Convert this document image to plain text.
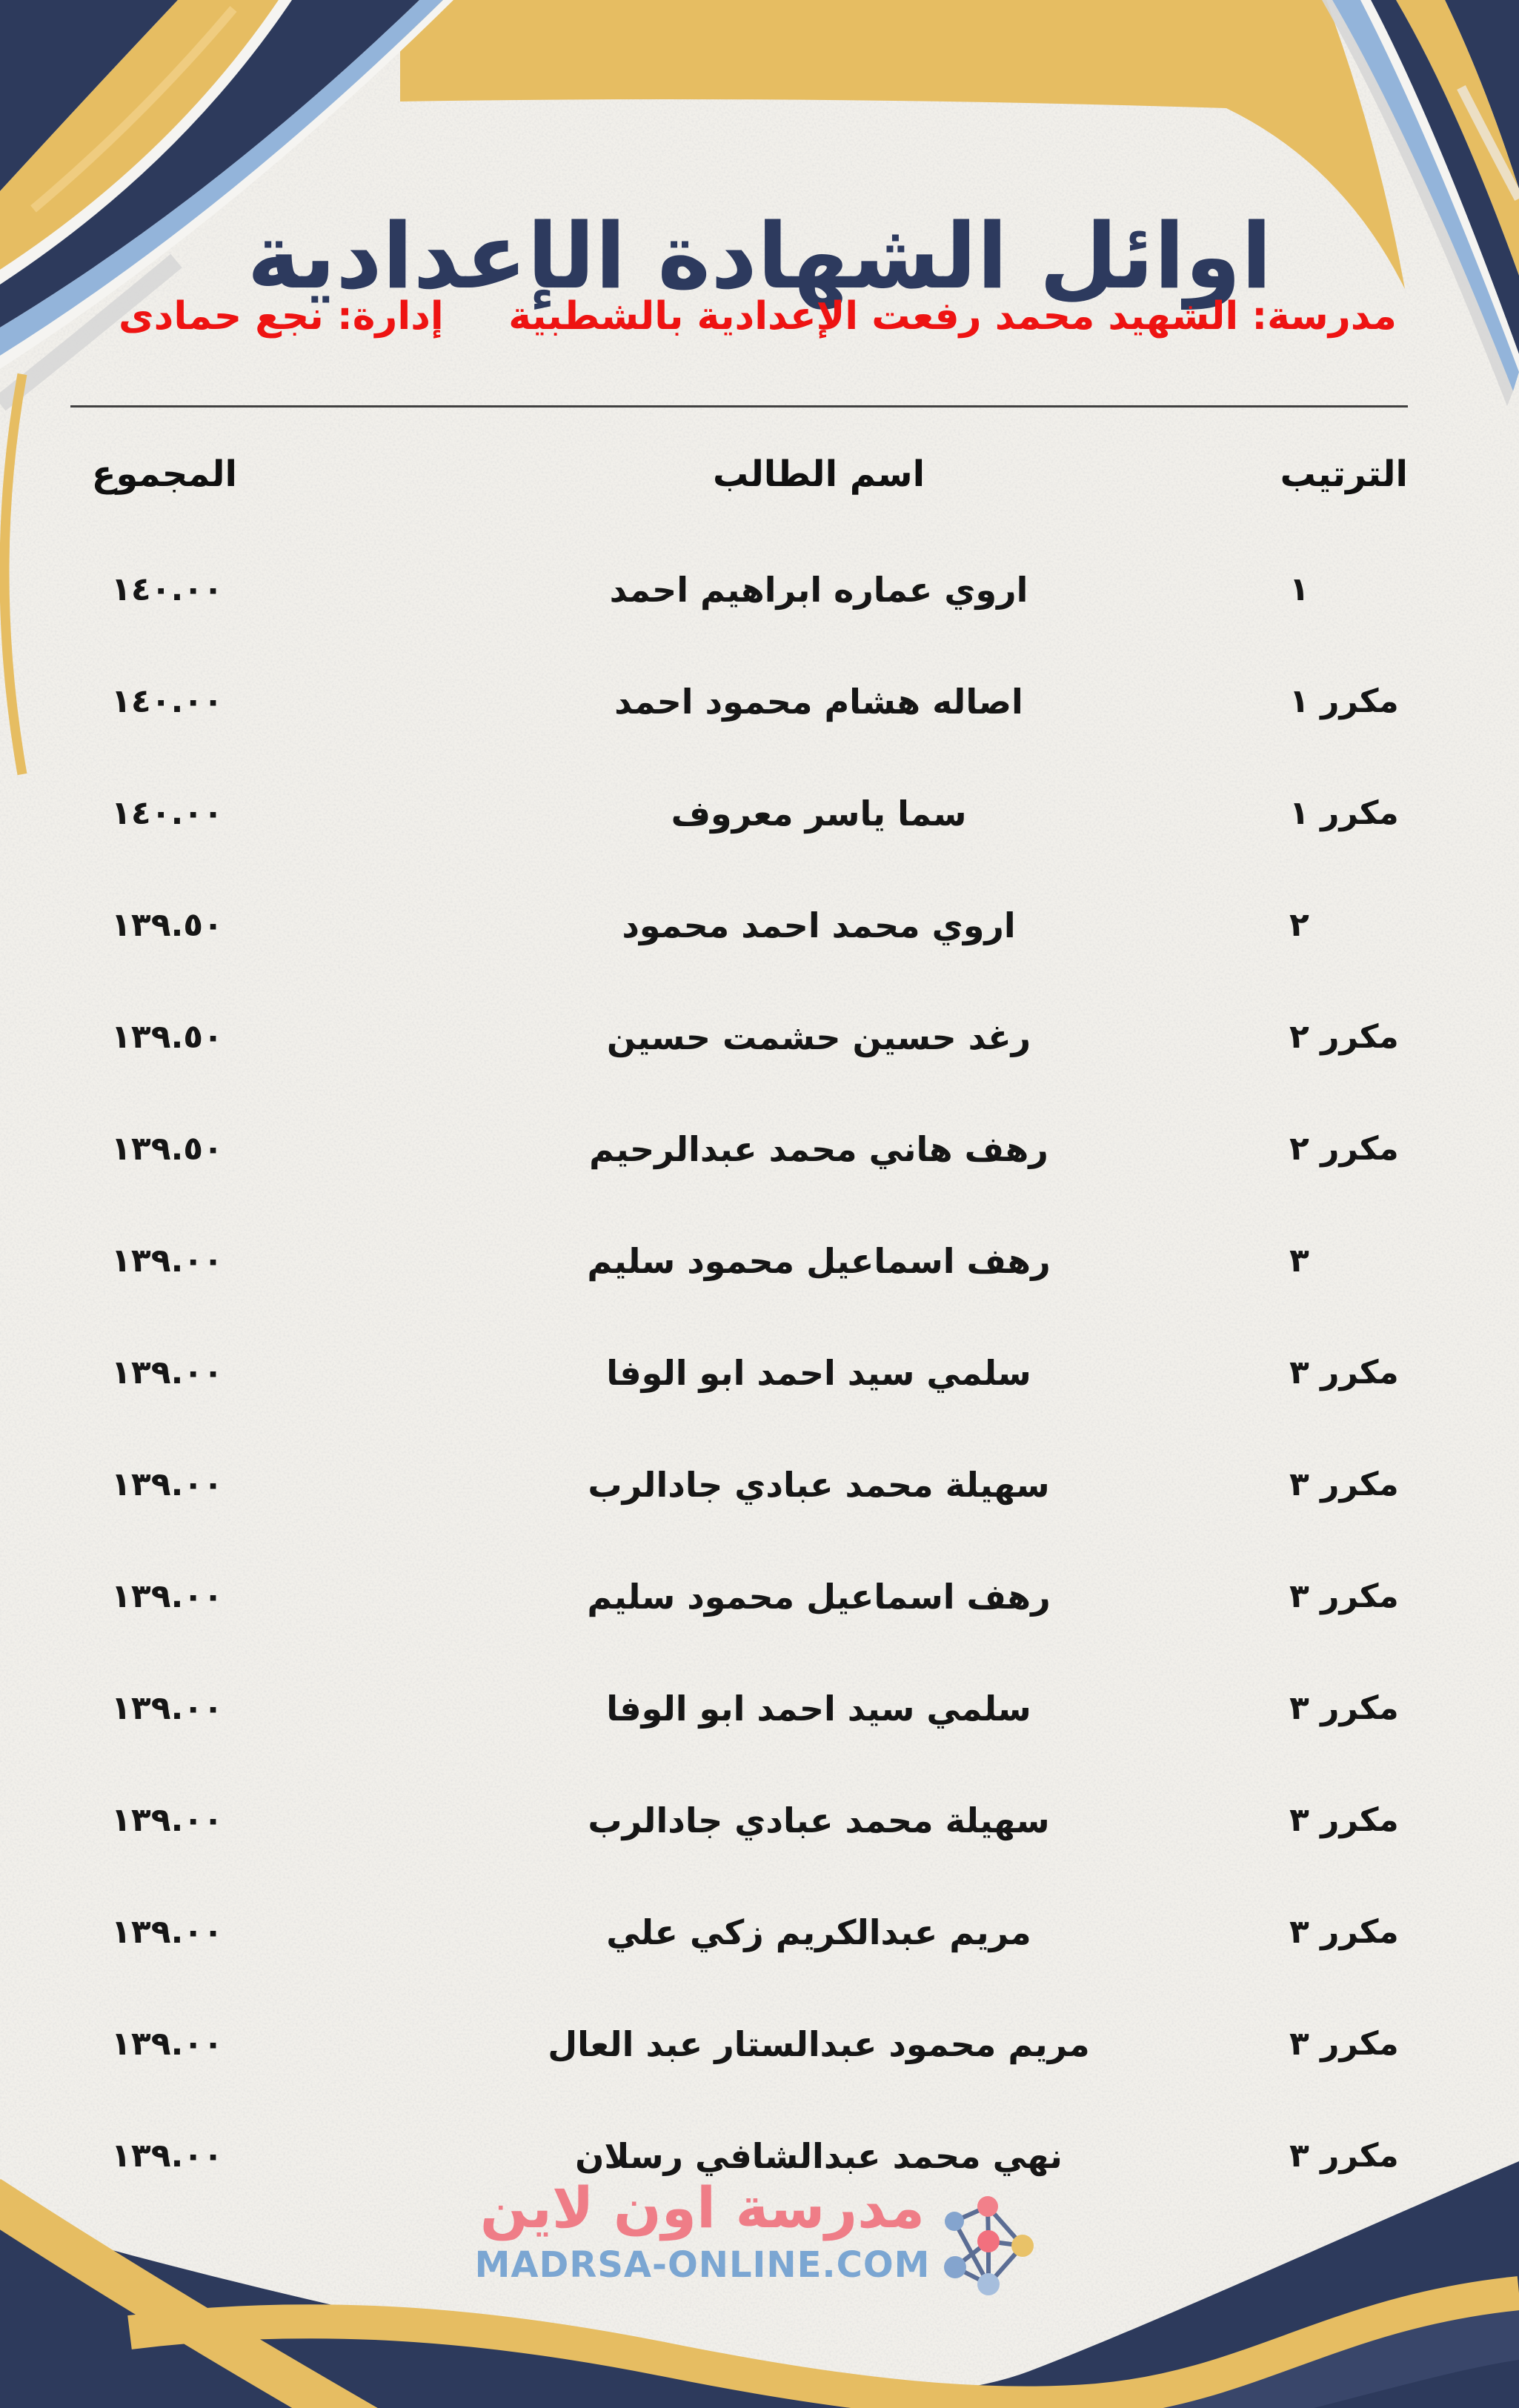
اوائل الشهادة الإعدادية
مدرسة: الشهيد محمد رفعت الإعدادية بالشطبية
إدارة: نجع حمادى
الترتيب
اسم الطالب
المجموع
١
اروي عماره ابراهيم احمد
١٤٠.٠٠
مكرر ١
اصاله هشام محمود احمد
١٤٠.٠٠
مكرر ١
سما ياسر معروف
١٤٠.٠٠
٢
اروي محمد احمد محمود
١٣٩.٥٠
مكرر ٢
رغد حسين حشمت حسين
١٣٩.٥٠
مكرر ٢
رهف هاني محمد عبدالرحيم
١٣٩.٥٠
٣
رهف اسماعيل محمود سليم
١٣٩.٠٠
مكرر ٣
سلمي سيد احمد ابو الوفا
١٣٩.٠٠
مكرر ٣
سهيلة محمد عبادي جادالرب
١٣٩.٠٠
مكرر ٣
رهف اسماعيل محمود سليم
١٣٩.٠٠
مكرر ٣
سلمي سيد احمد ابو الوفا
١٣٩.٠٠
مكرر ٣
سهيلة محمد عبادي جادالرب
١٣٩.٠٠
مكرر ٣
مريم عبدالكريم زكي علي
١٣٩.٠٠
مكرر ٣
مريم محمود عبدالستار عبد العال
١٣٩.٠٠
مكرر ٣
نهي محمد عبدالشافي رسلان
١٣٩.٠٠
مدرسة اون لاين
MADRSA-ONLINE.COM
